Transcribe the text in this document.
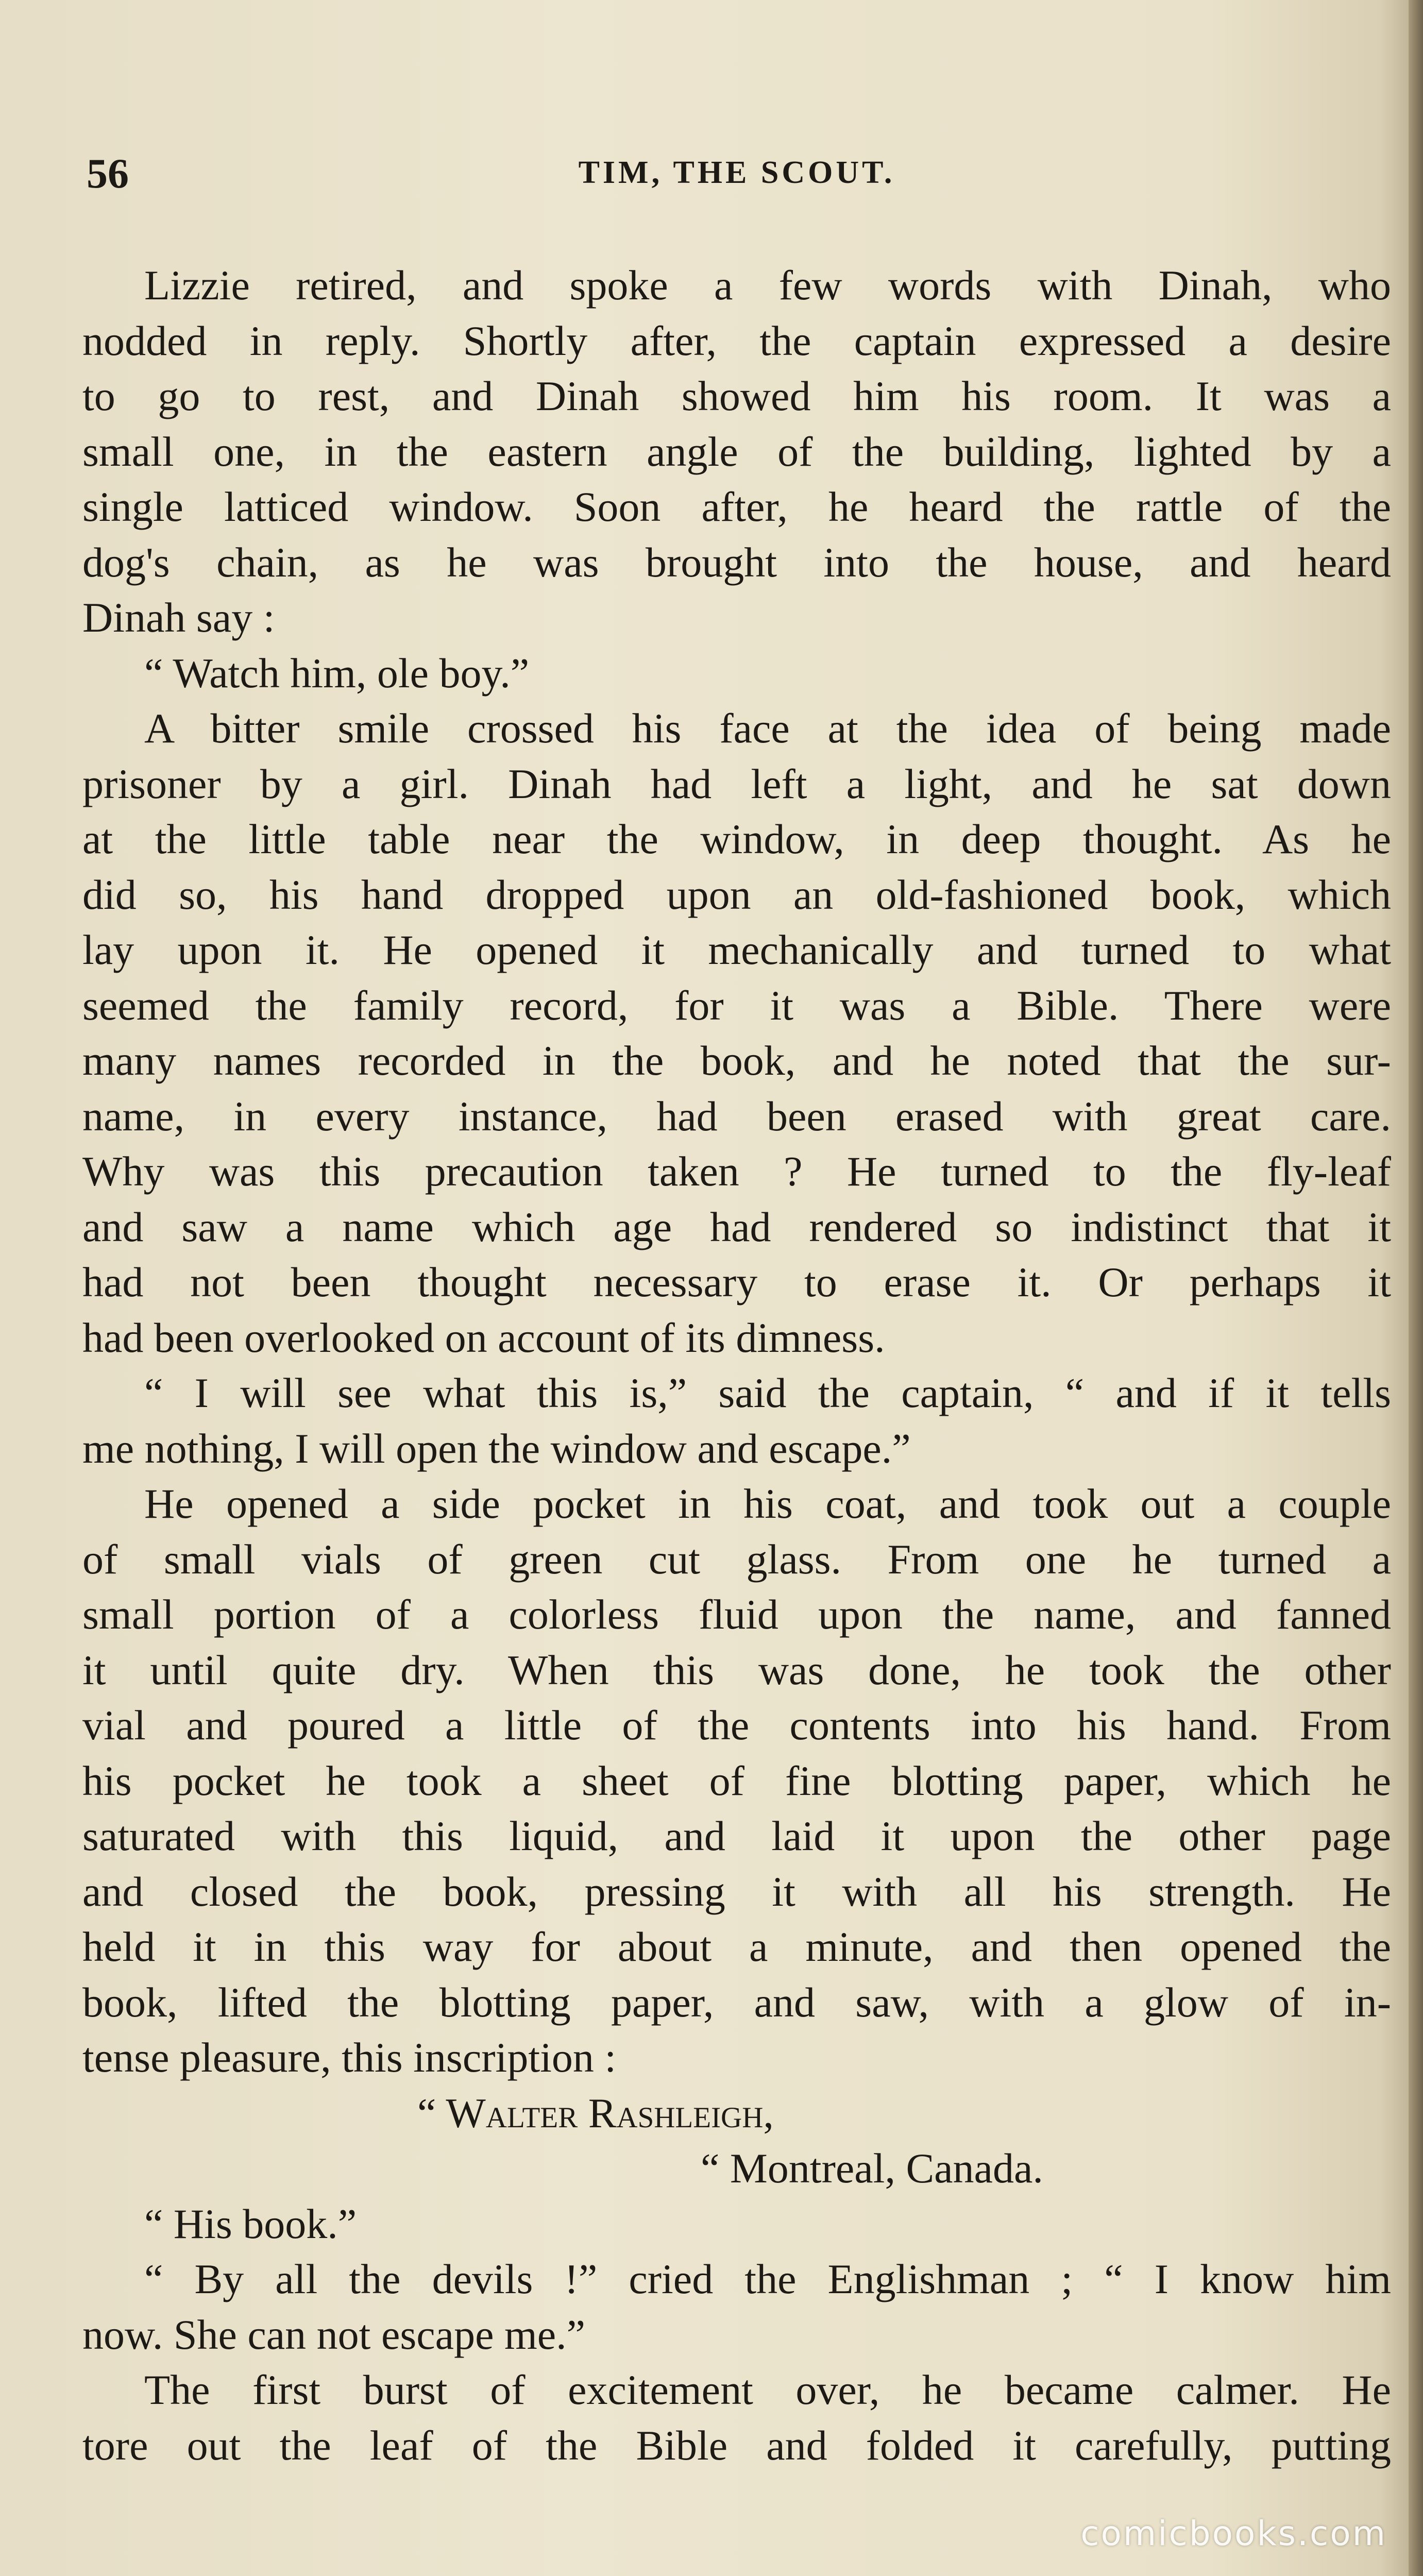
56	TIM, THE SCOUT.
Lizzie retired, and spoke a few words with Dinah, who
nodded in reply. Shortly after, the captain expressed a desire
to go to rest, and Dinah showed him his room. It was a
small one, in the eastern angle of the building, lighted by a
single latticed window. Soon after, he heard the rattle of the
dog's chain, as he was brought into the house, and heard
Dinah say :
“ Watch him, ole boy.”
A bitter smile crossed his face at the idea of being made
prisoner by a girl. Dinah had left a light, and he sat down
at the little table near the window, in deep thought. As he
did so, his hand dropped upon an old-fashioned book, which
lay upon it. He opened it mechanically and turned to what
seemed the family record, for it was a Bible. There were
many names recorded in the book, and he noted that the sur-
name, in every instance, had been erased with great care.
Why was this precaution taken ? He turned to the fly-leaf
and saw a name which age had rendered so indistinct that it
had not been thought necessary to erase it. Or perhaps it
had been overlooked on account of its dimness.
“ I will see what this is,” said the captain, “ and if it tells
me nothing, I will open the window and escape.”
He opened a side pocket in his coat, and took out a couple
of small vials of green cut glass. From one he turned a
small portion of a colorless fluid upon the name, and fanned
it until quite dry. When this was done, he took the other
vial and poured a little of the contents into his hand. From
his pocket he took a sheet of fine blotting paper, which he
saturated with this liquid, and laid it upon the other page
and closed the book, pressing it with all his strength. He
held it in this way for about a minute, and then opened the
book, lifted the blotting paper, and saw, with a glow of in-
tense pleasure, this inscription :
“ Walter Rashleigh,
“ Montreal, Canada.
“ His book.”
“ By all the devils !” cried the Englishman ; “ I know him
now. She can not escape me.”
The first burst of excitement over, he became calmer. He
tore out the leaf of the Bible and folded it carefully, putting
comicbooks.com
